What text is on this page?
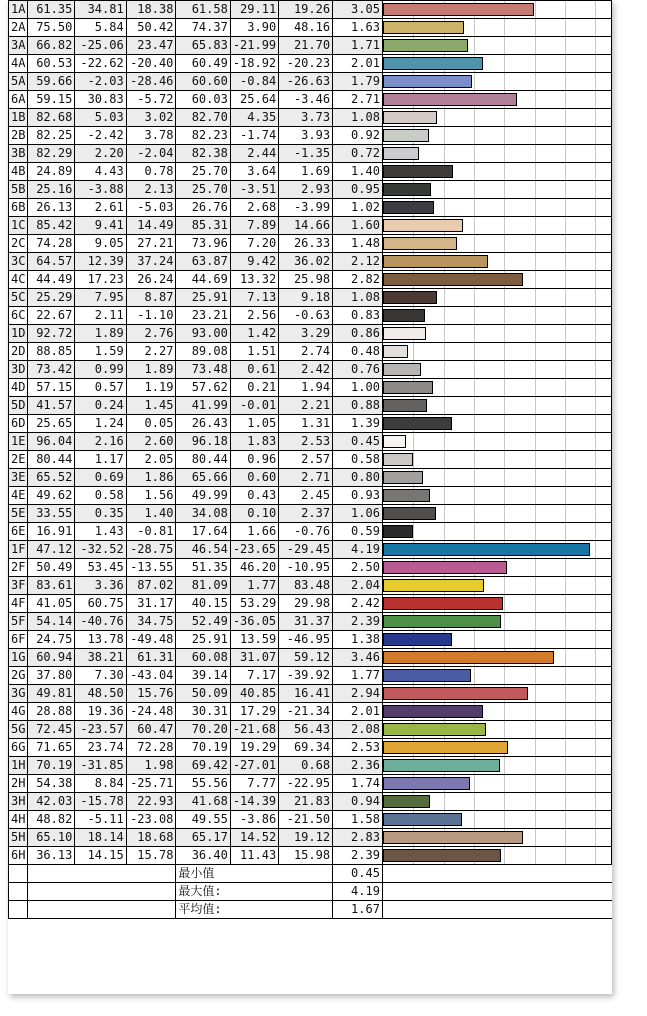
1A	61.35	34.81	18.38	61.58	29.11	19.26	3.05	

2A	75.50	5.84	50.42	74.37	3.90	48.16	1.63	

3A	66.82	-25.06	23.47	65.83	-21.99	21.70	1.71	

4A	60.53	-22.62	-20.40	60.49	-18.92	-20.23	2.01	

5A	59.66	-2.03	-28.46	60.60	-0.84	-26.63	1.79	

6A	59.15	30.83	-5.72	60.03	25.64	-3.46	2.71	

1B	82.68	5.03	3.02	82.70	4.35	3.73	1.08	

2B	82.25	-2.42	3.78	82.23	-1.74	3.93	0.92	

3B	82.29	2.20	-2.04	82.38	2.44	-1.35	0.72	

4B	24.89	4.43	0.78	25.70	3.64	1.69	1.40	

5B	25.16	-3.88	2.13	25.70	-3.51	2.93	0.95	

6B	26.13	2.61	-5.03	26.76	2.68	-3.99	1.02	

1C	85.42	9.41	14.49	85.31	7.89	14.66	1.60	

2C	74.28	9.05	27.21	73.96	7.20	26.33	1.48	

3C	64.57	12.39	37.24	63.87	9.42	36.02	2.12	

4C	44.49	17.23	26.24	44.69	13.32	25.98	2.82	

5C	25.29	7.95	8.87	25.91	7.13	9.18	1.08	

6C	22.67	2.11	-1.10	23.21	2.56	-0.63	0.83	

1D	92.72	1.89	2.76	93.00	1.42	3.29	0.86	

2D	88.85	1.59	2.27	89.08	1.51	2.74	0.48	

3D	73.42	0.99	1.89	73.48	0.61	2.42	0.76	

4D	57.15	0.57	1.19	57.62	0.21	1.94	1.00	

5D	41.57	0.24	1.45	41.99	-0.01	2.21	0.88	

6D	25.65	1.24	0.05	26.43	1.05	1.31	1.39	

1E	96.04	2.16	2.60	96.18	1.83	2.53	0.45	

2E	80.44	1.17	2.05	80.44	0.96	2.57	0.58	

3E	65.52	0.69	1.86	65.66	0.60	2.71	0.80	

4E	49.62	0.58	1.56	49.99	0.43	2.45	0.93	

5E	33.55	0.35	1.40	34.08	0.10	2.37	1.06	

6E	16.91	1.43	-0.81	17.64	1.66	-0.76	0.59	

1F	47.12	-32.52	-28.75	46.54	-23.65	-29.45	4.19	

2F	50.49	53.45	-13.55	51.35	46.20	-10.95	2.50	

3F	83.61	3.36	87.02	81.09	1.77	83.48	2.04	

4F	41.05	60.75	31.17	40.15	53.29	29.98	2.42	

5F	54.14	-40.76	34.75	52.49	-36.05	31.37	2.39	

6F	24.75	13.78	-49.48	25.91	13.59	-46.95	1.38	

1G	60.94	38.21	61.31	60.08	31.07	59.12	3.46	

2G	37.80	7.30	-43.04	39.14	7.17	-39.92	1.77	

3G	49.81	48.50	15.76	50.09	40.85	16.41	2.94	

4G	28.88	19.36	-24.48	30.31	17.29	-21.34	2.01	

5G	72.45	-23.57	60.47	70.20	-21.68	56.43	2.08	

6G	71.65	23.74	72.28	70.19	19.29	69.34	2.53	

1H	70.19	-31.85	1.98	69.42	-27.01	0.68	2.36	

2H	54.38	8.84	-25.71	55.56	7.77	-22.95	1.74	

3H	42.03	-15.78	22.93	41.68	-14.39	21.83	0.94	

4H	48.82	-5.11	-23.08	49.55	-3.86	-21.50	1.58	

5H	65.10	18.14	18.68	65.17	14.52	19.12	2.83	

6H	36.13	14.15	15.78	36.40	11.43	15.98	2.39	

				最小值			0.45	
				最大值:			4.19	
				平均值:			1.67	
